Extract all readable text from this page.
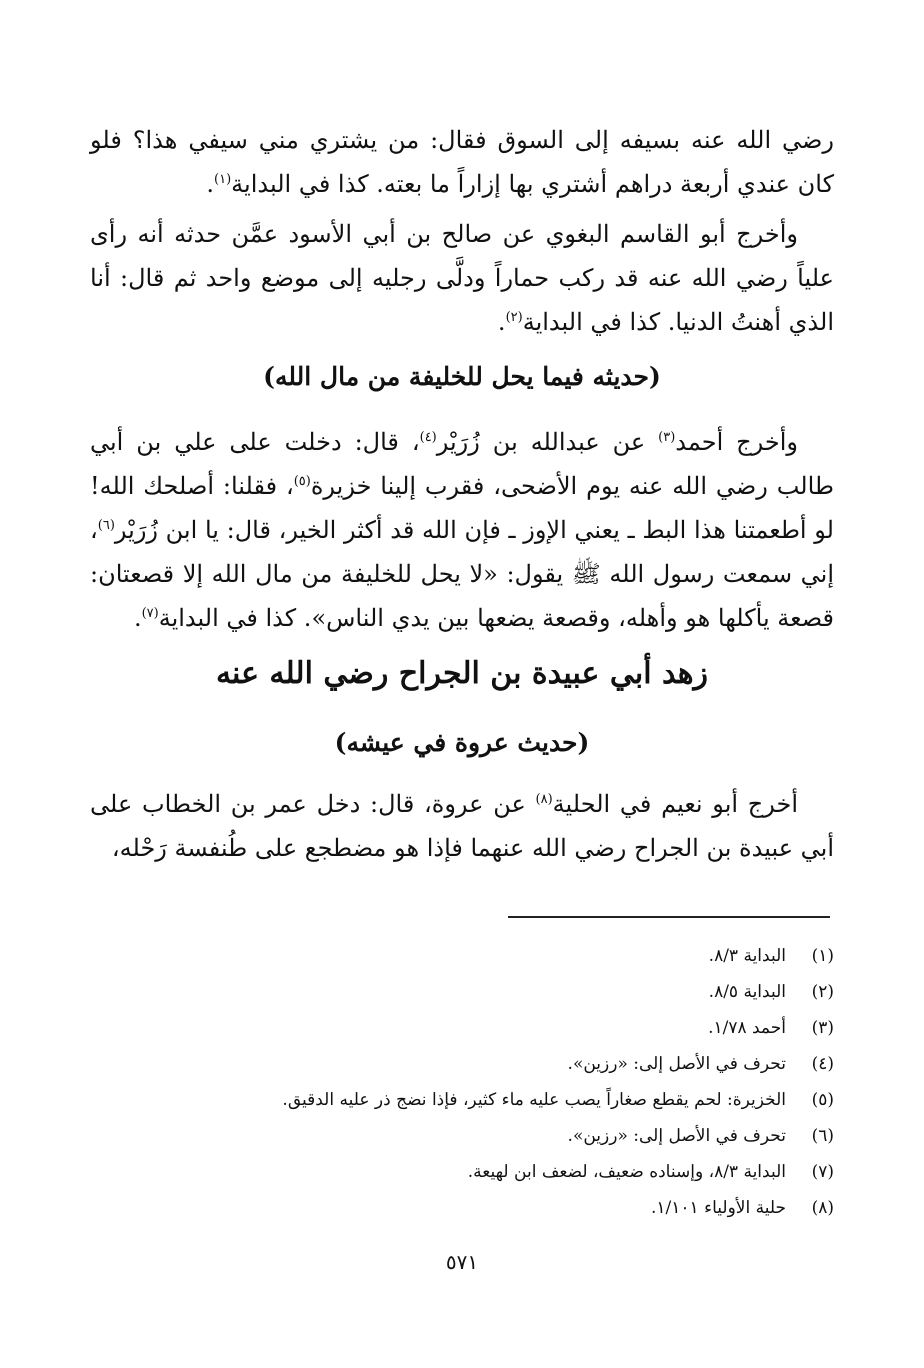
رضي الله عنه بسيفه إلى السوق فقال: من يشتري مني سيفي هذا؟ فلو كان عندي أربعة دراهم أشتري بها إزاراً ما بعته. كذا في البداية$^{(١)}$.

وأخرج أبو القاسم البغوي عن صالح بن أبي الأسود عمَّن حدثه أنه رأى علياً رضي الله عنه قد ركب حماراً ودلَّى رجليه إلى موضع واحد ثم قال: أنا الذي أهنتُ الدنيا. كذا في البداية$^{(٢)}$.

(حديثه فيما يحل للخليفة من مال الله)

وأخرج أحمد$^{(٣)}$ عن عبدالله بن زُرَيْر$^{(٤)}$، قال: دخلت على علي بن أبي طالب رضي الله عنه يوم الأضحى، فقرب إلينا خزيرة$^{(٥)}$، فقلنا: أصلحك الله! لو أطعمتنا هذا البط ـ يعني الإوز ـ فإن الله قد أكثر الخير، قال: يا ابن زُرَيْر$^{(٦)}$، إني سمعت رسول الله ﷺ يقول: «لا يحل للخليفة من مال الله إلا قصعتان: قصعة يأكلها هو وأهله، وقصعة يضعها بين يدي الناس». كذا في البداية$^{(٧)}$.

زهد أبي عبيدة بن الجراح رضي الله عنه
(حديث عروة في عيشه)

أخرج أبو نعيم في الحلية$^{(٨)}$ عن عروة، قال: دخل عمر بن الخطاب على أبي عبيدة بن الجراح رضي الله عنهما فإذا هو مضطجع على طُنفسة رَحْله،

(١)
البداية ٨/٣.
(٢)
البداية ٨/٥.
(٣)
أحمد ١/٧٨.
(٤)
تحرف في الأصل إلى: «رزين».
(٥)
الخزيرة: لحم يقطع صغاراً يصب عليه ماء كثير، فإذا نضج ذر عليه الدقيق.
(٦)
تحرف في الأصل إلى: «رزين».
(٧)
البداية ٨/٣، وإسناده ضعيف، لضعف ابن لهيعة.
(٨)
حلية الأولياء ١/١٠١.
٥٧١
